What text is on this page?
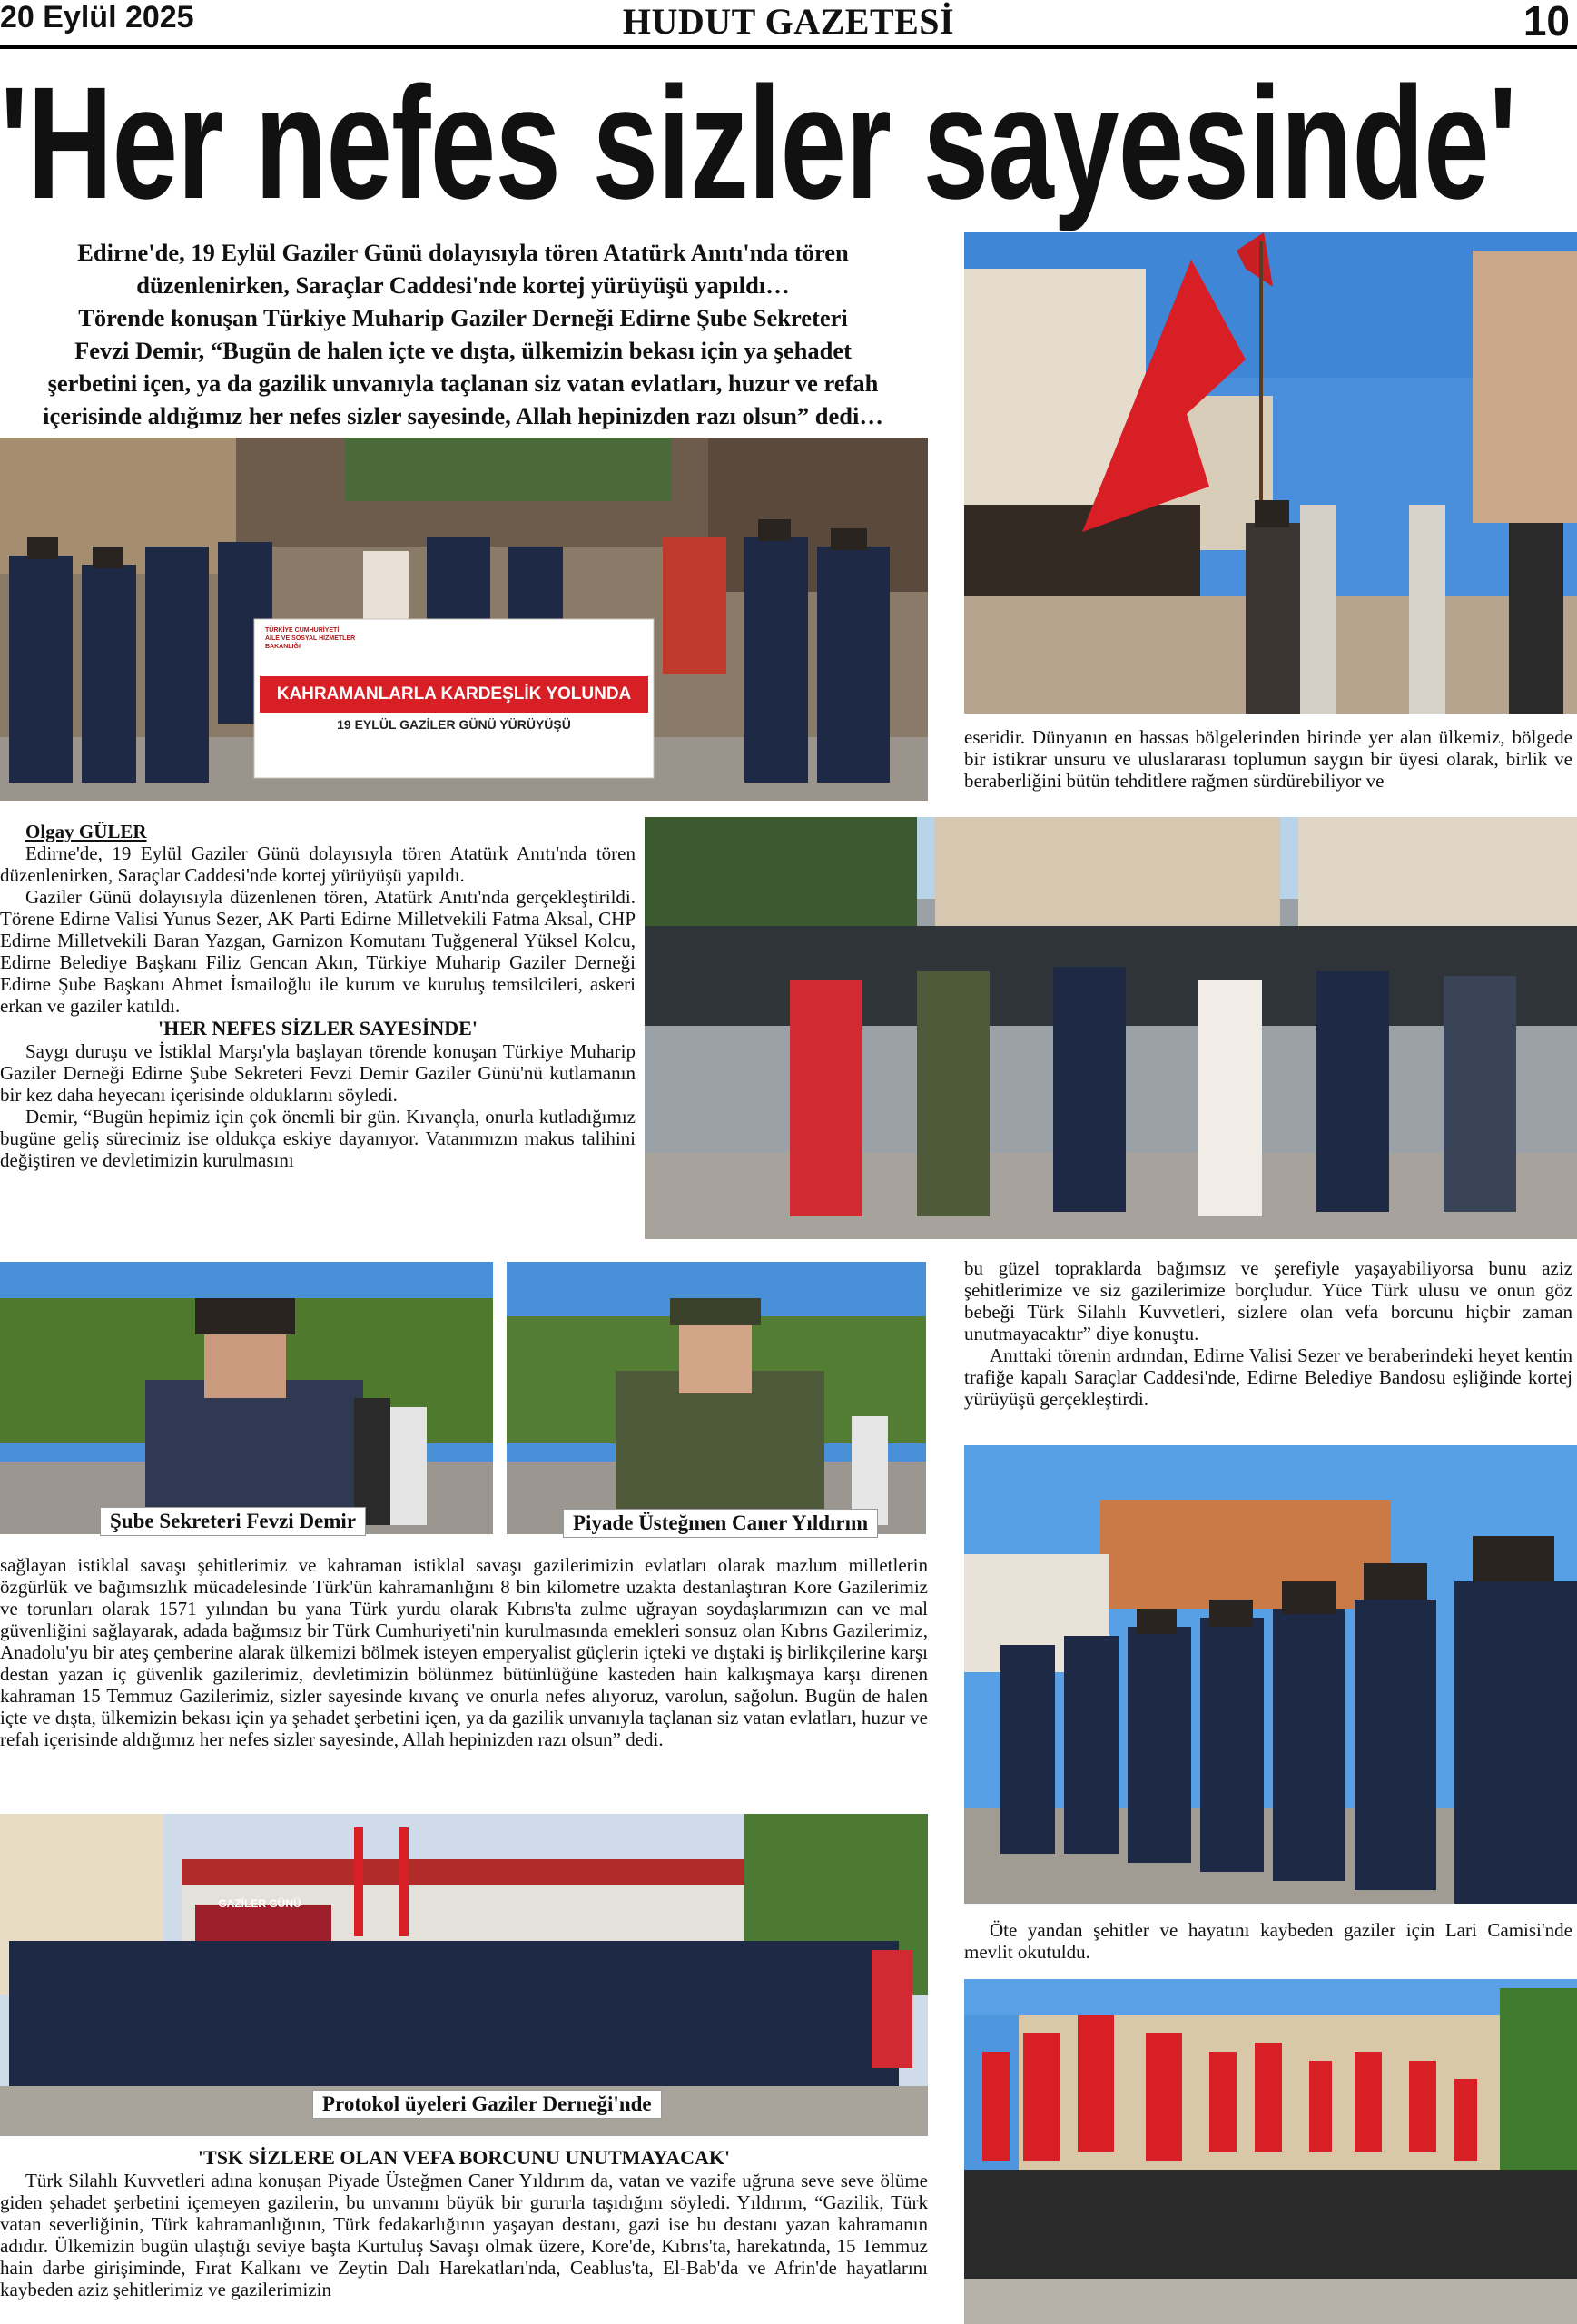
20 Eylül 2025	HUDUT GAZETESİ	10
'Her nefes sizler sayesinde'
Edirne'de, 19 Eylül Gaziler Günü dolayısıyla tören Atatürk Anıtı'nda tören
düzenlenirken, Saraçlar Caddesi'nde kortej yürüyüşü yapıldı…
Törende konuşan Türkiye Muharip Gaziler Derneği Edirne Şube Sekreteri
Fevzi Demir, “Bugün de halen içte ve dışta, ülkemizin bekası için ya şehadet
şerbetini içen, ya da gazilik unvanıyla taçlanan siz vatan evlatları, huzur ve refah
içerisinde aldığımız her nefes sizler sayesinde, Allah hepinizden razı olsun” dedi…
TÜRKİYE CUMHURİYETİ
AİLE VE SOSYAL HİZMETLER
BAKANLIĞI
KAHRAMANLARLA KARDEŞLİK YOLUNDA
19 EYLÜL GAZİLER GÜNÜ YÜRÜYÜŞÜ

eseridir. Dünyanın en hassas bölgelerinden birinde yer alan ülkemiz, bölgede bir istikrar unsuru ve uluslararası toplumun saygın bir üyesi olarak, birlik ve beraberliğini bütün tehditlere rağmen sürdürebiliyor ve

Olgay GÜLER

Edirne'de, 19 Eylül Gaziler Günü dolayısıyla tören Atatürk Anıtı'nda tören düzenlenirken, Saraçlar Caddesi'nde kortej yürüyüşü yapıldı.

Gaziler Günü dolayısıyla düzenlenen tören, Atatürk Anıtı'nda gerçekleştirildi. Törene Edirne Valisi Yunus Sezer, AK Parti Edirne Milletvekili Fatma Aksal, CHP Edirne Milletvekili Baran Yazgan, Garnizon Komutanı Tuğgeneral Yüksel Kolcu, Edirne Belediye Başkanı Filiz Gencan Akın, Türkiye Muharip Gaziler Derneği Edirne Şube Başkanı Ahmet İsmailoğlu ile kurum ve kuruluş temsilcileri, askeri erkan ve gaziler katıldı.

'HER NEFES SİZLER SAYESİNDE'

Saygı duruşu ve İstiklal Marşı'yla başlayan törende konuşan Türkiye Muharip Gaziler Derneği Edirne Şube Sekreteri Fevzi Demir Gaziler Günü'nü kutlamanın bir kez daha heyecanı içerisinde olduklarını söyledi.

Demir, “Bugün hepimiz için çok önemli bir gün. Kıvançla, onurla kutladığımız bugüne geliş sürecimiz ise oldukça eskiye dayanıyor. Vatanımızın makus talihini değiştiren ve devletimizin kurulmasını

Şube Sekreteri Fevzi Demir	Piyade Üsteğmen Caner Yıldırım

bu güzel topraklarda bağımsız ve şerefiyle yaşayabiliyorsa bunu aziz şehitlerimize ve siz gazilerimize borçludur. Yüce Türk ulusu ve onun göz bebeği Türk Silahlı Kuvvetleri, sizlere olan vefa borcunu hiçbir zaman unutmayacaktır” diye konuştu.

Anıttaki törenin ardından, Edirne Valisi Sezer ve beraberindeki heyet kentin trafiğe kapalı Saraçlar Caddesi'nde, Edirne Belediye Bandosu eşliğinde kortej yürüyüşü gerçekleştirdi.

sağlayan istiklal savaşı şehitlerimiz ve kahraman istiklal savaşı gazilerimizin evlatları olarak mazlum milletlerin özgürlük ve bağımsızlık mücadelesinde Türk'ün kahramanlığını 8 bin kilometre uzakta destanlaştıran Kore Gazilerimiz ve torunları olarak 1571 yılından bu yana Türk yurdu olarak Kıbrıs'ta zulme uğrayan soydaşlarımızın can ve mal güvenliğini sağlayarak, adada bağımsız bir Türk Cumhuriyeti'nin kurulmasında emekleri sonsuz olan Kıbrıs Gazilerimiz, Anadolu'yu bir ateş çemberine alarak ülkemizi bölmek isteyen emperyalist güçlerin içteki ve dıştaki iş birlikçilerine karşı destan yazan iç güvenlik gazilerimiz, devletimizin bölünmez bütünlüğüne kasteden hain kalkışmaya karşı direnen kahraman 15 Temmuz Gazilerimiz, sizler sayesinde kıvanç ve onurla nefes alıyoruz, varolun, sağolun. Bugün de halen içte ve dışta, ülkemizin bekası için ya şehadet şerbetini içen, ya da gazilik unvanıyla taçlanan siz vatan evlatları, huzur ve refah içerisinde aldığımız her nefes sizler sayesinde, Allah hepinizden razı olsun” dedi.

GAZİLER GÜNÜ
Protokol üyeleri Gaziler Derneği'nde

Öte yandan şehitler ve hayatını kaybeden gaziler için Lari Camisi'nde mevlit okutuldu.

'TSK SİZLERE OLAN VEFA BORCUNU UNUTMAYACAK'

Türk Silahlı Kuvvetleri adına konuşan Piyade Üsteğmen Caner Yıldırım da, vatan ve vazife uğruna seve seve ölüme giden şehadet şerbetini içemeyen gazilerin, bu unvanını büyük bir gururla taşıdığını söyledi. Yıldırım, “Gazilik, Türk vatan severliğinin, Türk kahramanlığının, Türk fedakarlığının yaşayan destanı, gazi ise bu destanı yazan kahramanın adıdır. Ülkemizin bugün ulaştığı seviye başta Kurtuluş Savaşı olmak üzere, Kore'de, Kıbrıs'ta, harekatında, 15 Temmuz hain darbe girişiminde, Fırat Kalkanı ve Zeytin Dalı Harekatları'nda, Ceablus'ta, El-Bab'da ve Afrin'de hayatlarını kaybeden aziz şehitlerimiz ve gazilerimizin
